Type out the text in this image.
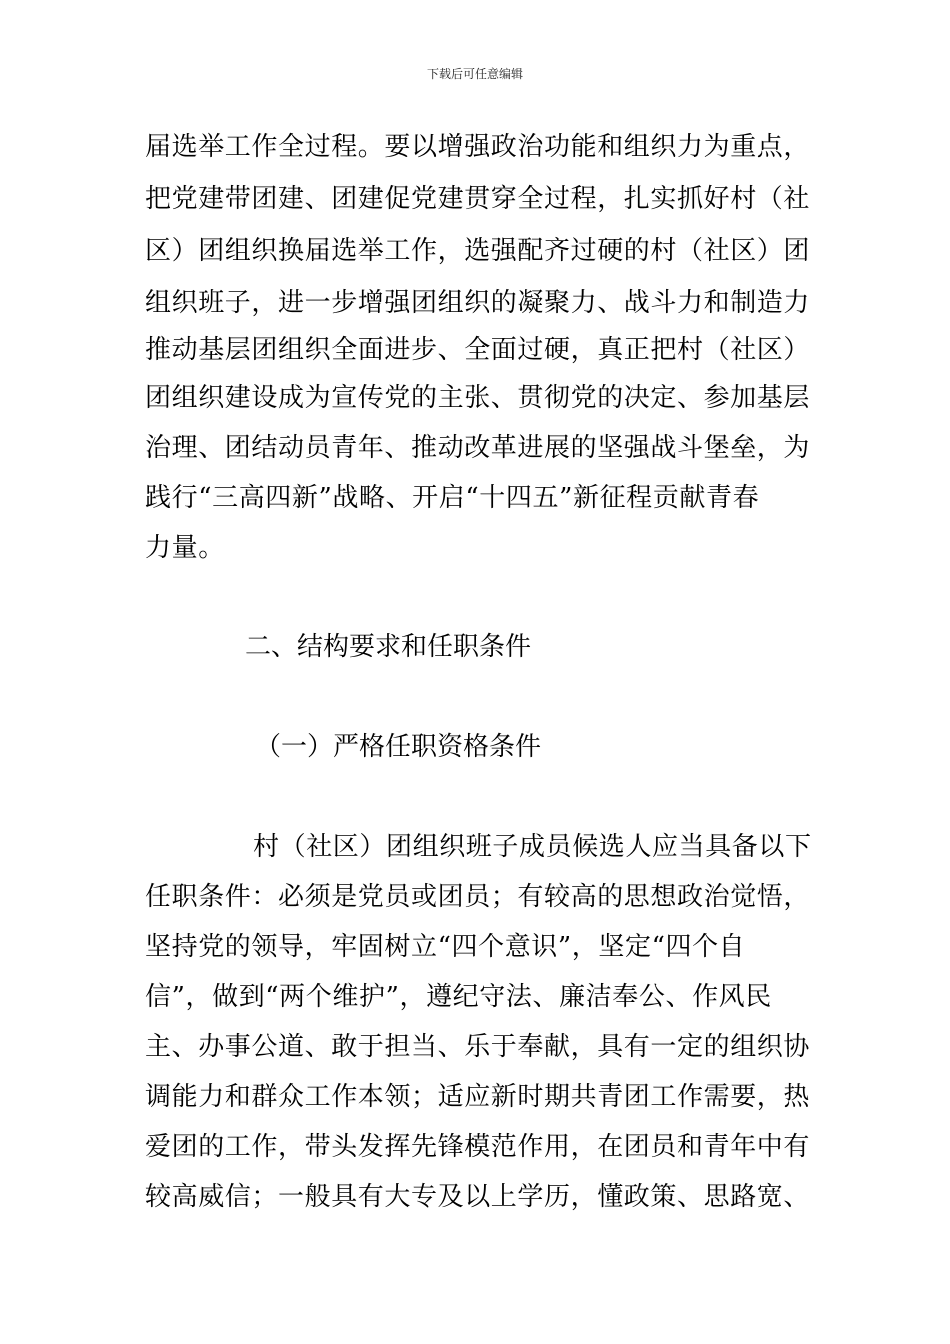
下载后可任意编辑
届选举工作全过程。要以增强政治功能和组织力为重点，
把党建带团建、团建促党建贯穿全过程，扎实抓好村（社
区）团组织换届选举工作，选强配齐过硬的村（社区）团
组织班子，进一步增强团组织的凝聚力、战斗力和制造力
推动基层团组织全面进步、全面过硬，真正把村（社区）
团组织建设成为宣传党的主张、贯彻党的决定、参加基层
治理、团结动员青年、推动改革进展的坚强战斗堡垒，为
践行“三高四新”战略、开启“十四五”新征程贡献青春
力量。
二、结构要求和任职条件
（一）严格任职资格条件
村（社区）团组织班子成员候选人应当具备以下
任职条件：必须是党员或团员；有较高的思想政治觉悟，
坚持党的领导，牢固树立“四个意识”，坚定“四个自
信”，做到“两个维护”，遵纪守法、廉洁奉公、作风民
主、办事公道、敢于担当、乐于奉献，具有一定的组织协
调能力和群众工作本领；适应新时期共青团工作需要，热
爱团的工作，带头发挥先锋模范作用，在团员和青年中有
较高威信；一般具有大专及以上学历，懂政策、思路宽、
